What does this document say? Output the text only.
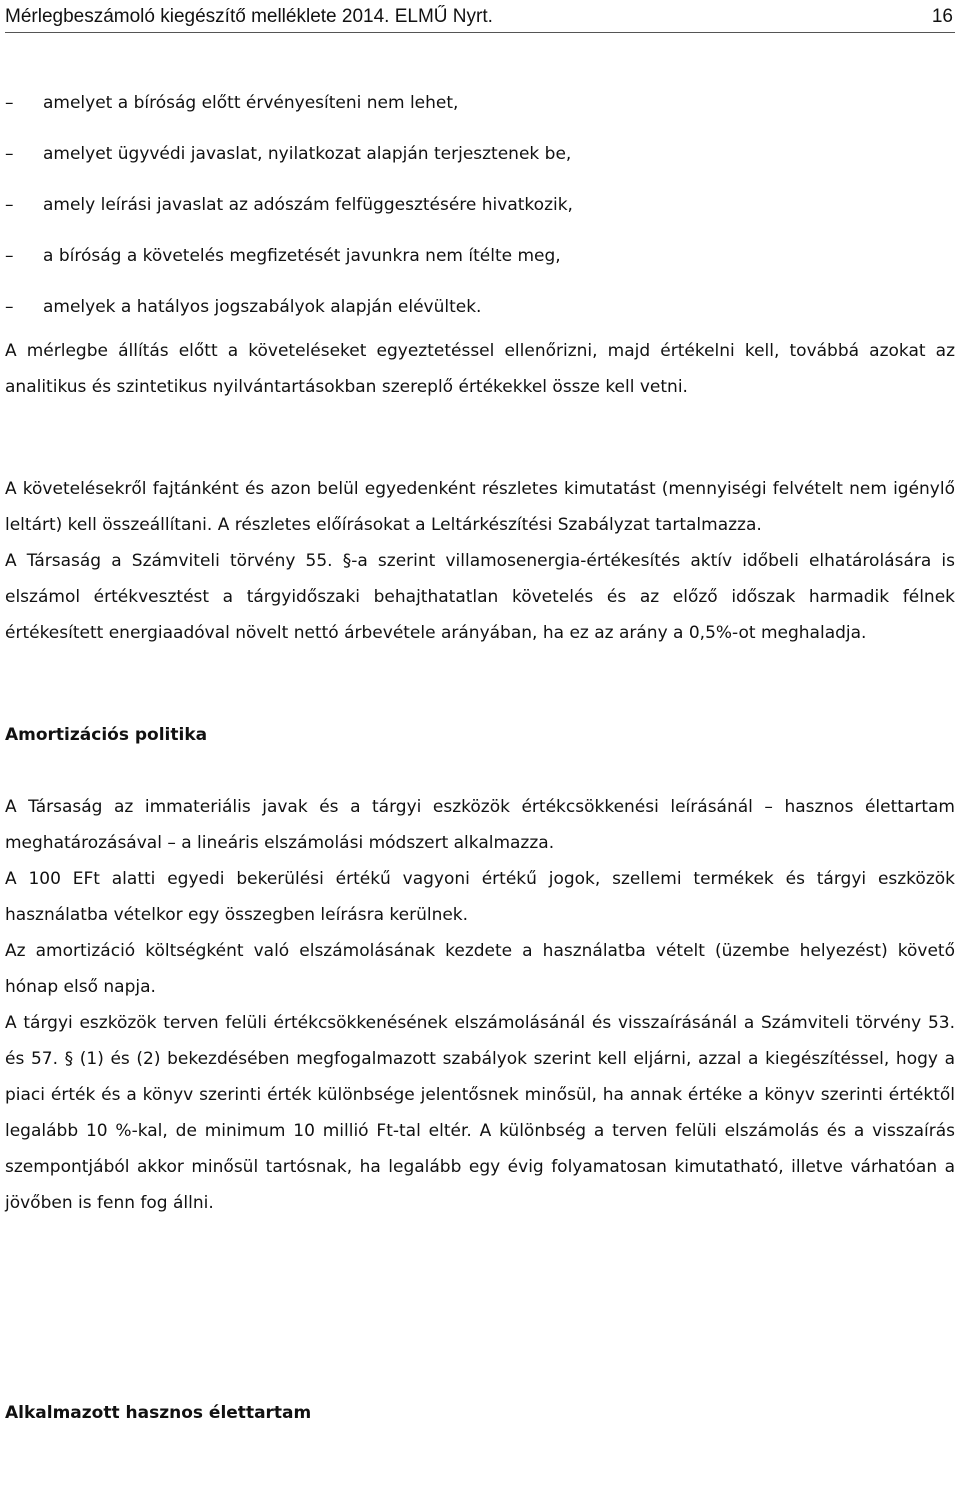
Mérlegbeszámoló kiegészítő melléklete 2014. ELMŰ Nyrt.	16
– amelyet a bíróság előtt érvényesíteni nem lehet,
– amelyet ügyvédi javaslat, nyilatkozat alapján terjesztenek be,
– amely leírási javaslat az adószám felfüggesztésére hivatkozik,
– a bíróság a követelés megfizetését javunkra nem ítélte meg,
– amelyek a hatályos jogszabályok alapján elévültek.

A mérlegbe állítás előtt a követeléseket egyeztetéssel ellenőrizni, majd értékelni kell, továbbá azokat az analitikus és szintetikus nyilvántartásokban szereplő értékekkel össze kell vetni.

A követelésekről fajtánként és azon belül egyedenként részletes kimutatást (mennyiségi felvételt nem igénylő leltárt) kell összeállítani. A részletes előírásokat a Leltárkészítési Szabályzat tartalmazza.

A Társaság a Számviteli törvény 55. §-a szerint villamosenergia-értékesítés aktív időbeli elhatárolására is elszámol értékvesztést a tárgyidőszaki behajthatatlan követelés és az előző időszak harmadik félnek értékesített energiaadóval növelt nettó árbevétele arányában, ha ez az arány a 0,5%-ot meghaladja.

Amortizációs politika

A Társaság az immateriális javak és a tárgyi eszközök értékcsökkenési leírásánál – hasznos élettartam meghatározásával – a lineáris elszámolási módszert alkalmazza.

A 100 EFt alatti egyedi bekerülési értékű vagyoni értékű jogok, szellemi termékek és tárgyi eszközök használatba vételkor egy összegben leírásra kerülnek.

Az amortizáció költségként való elszámolásának kezdete a használatba vételt (üzembe helyezést) követő hónap első napja.

A tárgyi eszközök terven felüli értékcsökkenésének elszámolásánál és visszaírásánál a Számviteli törvény 53. és 57. § (1) és (2) bekezdésében megfogalmazott szabályok szerint kell eljárni, azzal a kiegészítéssel, hogy a piaci érték és a könyv szerinti érték különbsége jelentősnek minősül, ha annak értéke a könyv szerinti értéktől legalább 10 %-kal, de minimum 10 millió Ft-tal eltér. A különbség a terven felüli elszámolás és a visszaírás szempontjából akkor minősül tartósnak, ha legalább egy évig folyamatosan kimutatható, illetve várhatóan a jövőben is fenn fog állni.

Alkalmazott hasznos élettartam
